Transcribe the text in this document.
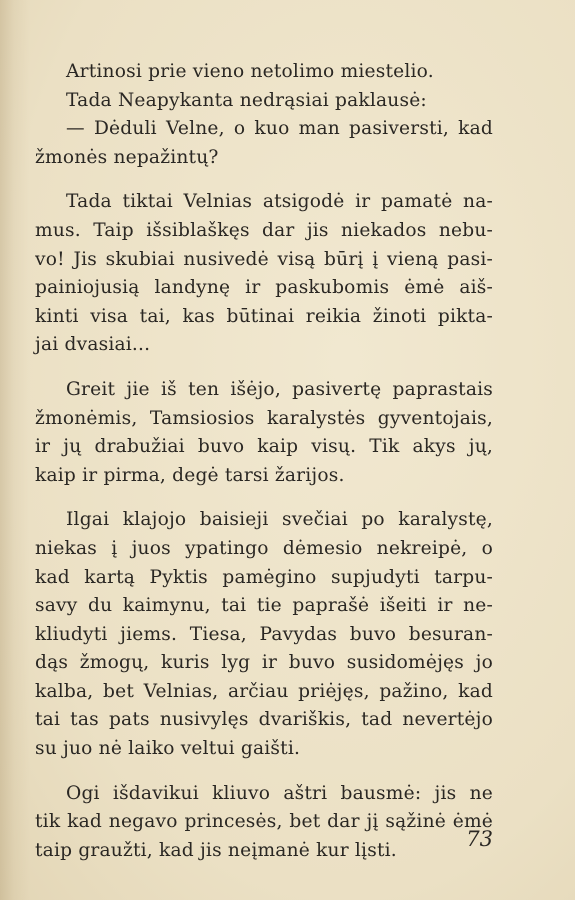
Artinosi prie vieno netolimo miestelio.
Tada Neapykanta nedrąsiai paklausė:
— Dėduli Velne, o kuo man pasiversti, kad
žmonės nepažintų?
Tada tiktai Velnias atsigodė ir pamatė na-
mus. Taip išsiblaškęs dar jis niekados nebu-
vo! Jis skubiai nusivedė visą būrį į vieną pasi-
painiojusią landynę ir paskubomis ėmė aiš-
kinti visa tai, kas būtinai reikia žinoti pikta-
jai dvasiai...
Greit jie iš ten išėjo, pasivertę paprastais
žmonėmis, Tamsiosios karalystės gyventojais,
ir jų drabužiai buvo kaip visų. Tik akys jų,
kaip ir pirma, degė tarsi žarijos.
Ilgai klajojo baisieji svečiai po karalystę,
niekas į juos ypatingo dėmesio nekreipė, o
kad kartą Pyktis pamėgino supjudyti tarpu-
savy du kaimynu, tai tie paprašė išeiti ir ne-
kliudyti jiems. Tiesa, Pavydas buvo besuran-
dąs žmogų, kuris lyg ir buvo susidomėjęs jo
kalba, bet Velnias, arčiau priėjęs, pažino, kad
tai tas pats nusivylęs dvariškis, tad nevertėjo
su juo nė laiko veltui gaišti.
Ogi išdavikui kliuvo aštri bausmė: jis ne
tik kad negavo princesės, bet dar jį sąžinė ėmė
taip graužti, kad jis neįmanė kur lįsti.	73
